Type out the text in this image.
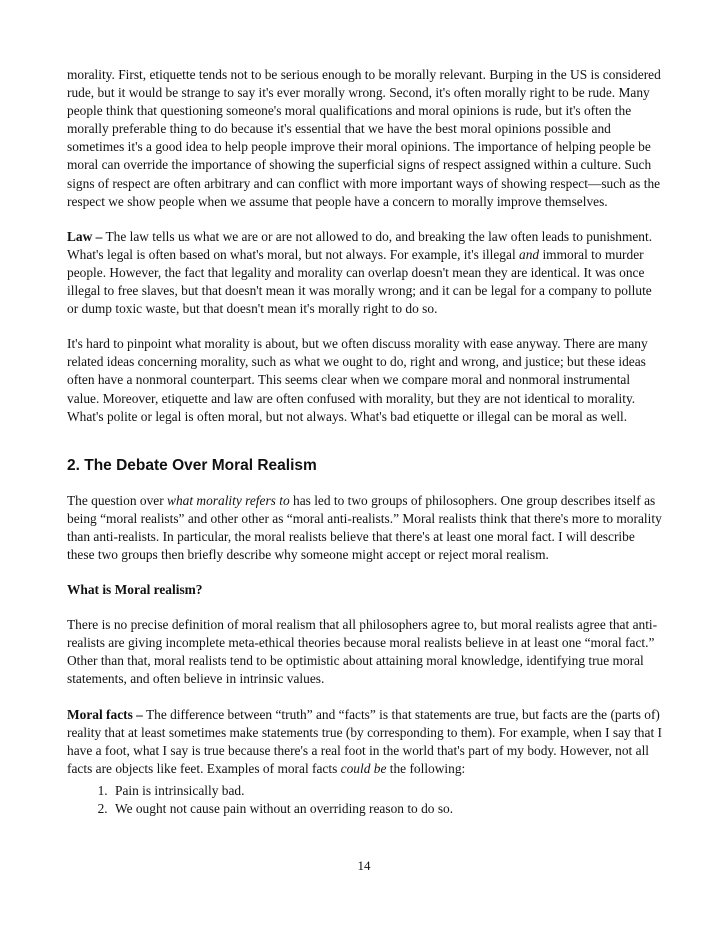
morality. First, etiquette tends not to be serious enough to be morally relevant. Burping in the US is considered rude, but it would be strange to say it's ever morally wrong. Second, it's often morally right to be rude. Many people think that questioning someone's moral qualifications and moral opinions is rude, but it's often the morally preferable thing to do because it's essential that we have the best moral opinions possible and sometimes it's a good idea to help people improve their moral opinions. The importance of helping people be moral can override the importance of showing the superficial signs of respect assigned within a culture. Such signs of respect are often arbitrary and can conflict with more important ways of showing respect—such as the respect we show people when we assume that people have a concern to morally improve themselves.

Law – The law tells us what we are or are not allowed to do, and breaking the law often leads to punishment. What's legal is often based on what's moral, but not always. For example, it's illegal and immoral to murder people. However, the fact that legality and morality can overlap doesn't mean they are identical. It was once illegal to free slaves, but that doesn't mean it was morally wrong; and it can be legal for a company to pollute or dump toxic waste, but that doesn't mean it's morally right to do so.

It's hard to pinpoint what morality is about, but we often discuss morality with ease anyway. There are many related ideas concerning morality, such as what we ought to do, right and wrong, and justice; but these ideas often have a nonmoral counterpart. This seems clear when we compare moral and nonmoral instrumental value. Moreover, etiquette and law are often confused with morality, but they are not identical to morality. What's polite or legal is often moral, but not always. What's bad etiquette or illegal can be moral as well.

2. The Debate Over Moral Realism

The question over what morality refers to has led to two groups of philosophers. One group describes itself as being “moral realists” and other other as “moral anti-realists.” Moral realists think that there's more to morality than anti-realists. In particular, the moral realists believe that there's at least one moral fact. I will describe these two groups then briefly describe why someone might accept or reject moral realism.

What is Moral realism?

There is no precise definition of moral realism that all philosophers agree to, but moral realists agree that anti-realists are giving incomplete meta-ethical theories because moral realists believe in at least one “moral fact.” Other than that, moral realists tend to be optimistic about attaining moral knowledge, identifying true moral statements, and often believe in intrinsic values.

Moral facts – The difference between “truth” and “facts” is that statements are true, but facts are the (parts of) reality that at least sometimes make statements true (by corresponding to them). For example, when I say that I have a foot, what I say is true because there's a real foot in the world that's part of my body. However, not all facts are objects like feet. Examples of moral facts could be the following:

1. Pain is intrinsically bad.
2. We ought not cause pain without an overriding reason to do so.
14
